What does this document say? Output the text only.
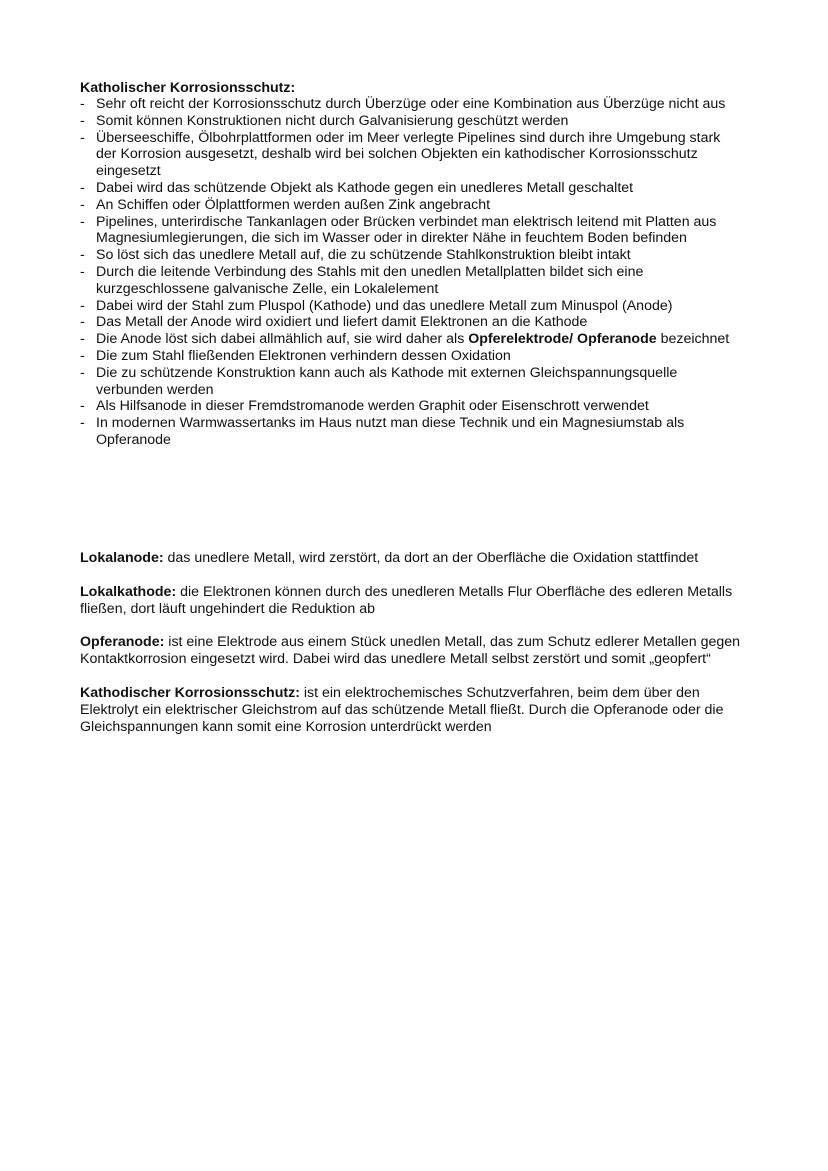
Katholischer Korrosionsschutz:
- Sehr oft reicht der Korrosionsschutz durch Überzüge oder eine Kombination aus Überzüge nicht aus
- Somit können Konstruktionen nicht durch Galvanisierung geschützt werden
- Überseeschiffe, Ölbohrplattformen oder im Meer verlegte Pipelines sind durch ihre Umgebung stark der Korrosion ausgesetzt, deshalb wird bei solchen Objekten ein kathodischer Korrosionsschutz eingesetzt
- Dabei wird das schützende Objekt als Kathode gegen ein unedleres Metall geschaltet
- An Schiffen oder Ölplattformen werden außen Zink angebracht
- Pipelines, unterirdische Tankanlagen oder Brücken verbindet man elektrisch leitend mit Platten aus Magnesiumlegierungen, die sich im Wasser oder in direkter Nähe in feuchtem Boden befinden
- So löst sich das unedlere Metall auf, die zu schützende Stahlkonstruktion bleibt intakt
- Durch die leitende Verbindung des Stahls mit den unedlen Metallplatten bildet sich eine kurzgeschlossene galvanische Zelle, ein Lokalelement
- Dabei wird der Stahl zum Pluspol (Kathode) und das unedlere Metall zum Minuspol (Anode)
- Das Metall der Anode wird oxidiert und liefert damit Elektronen an die Kathode
- Die Anode löst sich dabei allmählich auf, sie wird daher als Opferelektrode/ Opferanode bezeichnet
- Die zum Stahl fließenden Elektronen verhindern dessen Oxidation
- Die zu schützende Konstruktion kann auch als Kathode mit externen Gleichspannungsquelle verbunden werden
- Als Hilfsanode in dieser Fremdstromanode werden Graphit oder Eisenschrott verwendet
- In modernen Warmwassertanks im Haus nutzt man diese Technik und ein Magnesiumstab als Opferanode

Lokalanode: das unedlere Metall, wird zerstört, da dort an der Oberfläche die Oxidation stattfindet

Lokalkathode: die Elektronen können durch des unedleren Metalls Flur Oberfläche des edleren Metalls fließen, dort läuft ungehindert die Reduktion ab

Opferanode: ist eine Elektrode aus einem Stück unedlen Metall, das zum Schutz edlerer Metallen gegen Kontaktkorrosion eingesetzt wird. Dabei wird das unedlere Metall selbst zerstört und somit „geopfert“

Kathodischer Korrosionsschutz: ist ein elektrochemisches Schutzverfahren, beim dem über den Elektrolyt ein elektrischer Gleichstrom auf das schützende Metall fließt. Durch die Opferanode oder die Gleichspannungen kann somit eine Korrosion unterdrückt werden
